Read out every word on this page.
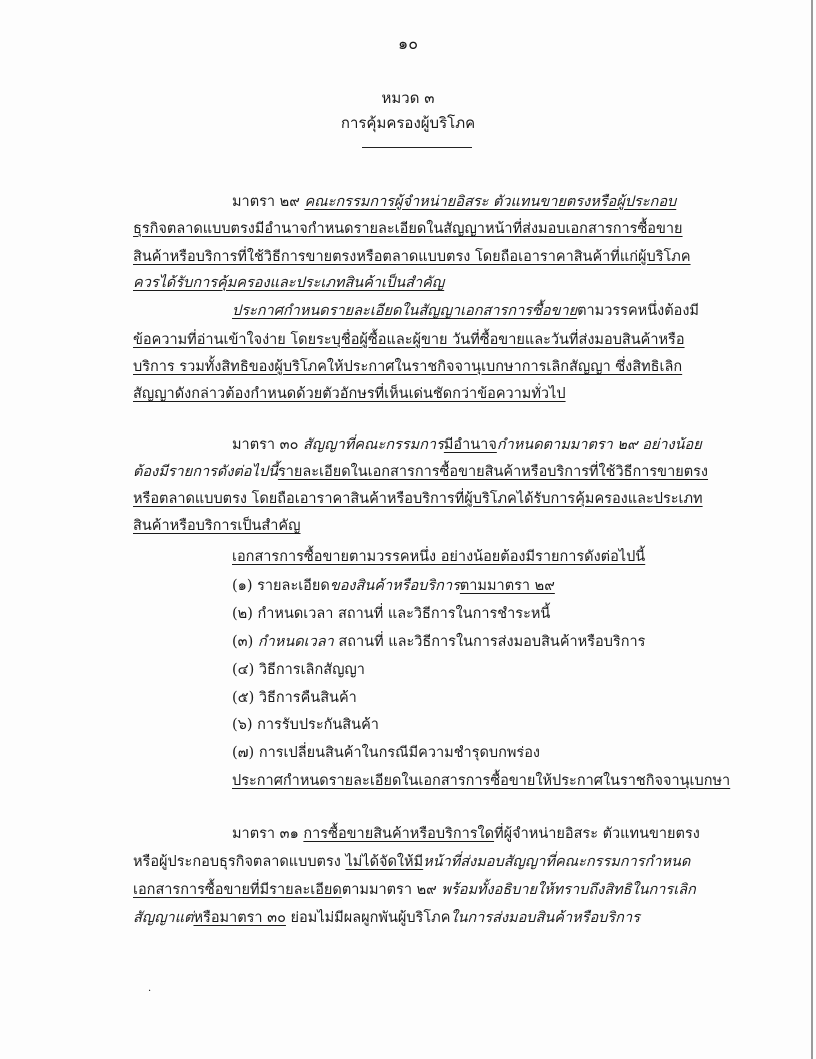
๑๐
หมวด ๓
การคุ้มครองผู้บริโภค
มาตรา ๒๙ คณะกรรมการผู้จำหน่ายอิสระ ตัวแทนขายตรงหรือผู้ประกอบ
ธุรกิจตลาดแบบตรงมีอำนาจกำหนดรายละเอียดในสัญญาหน้าที่ส่งมอบเอกสารการซื้อขาย
สินค้าหรือบริการที่ใช้วิธีการขายตรงหรือตลาดแบบตรง โดยถือเอาราคาสินค้าที่แก่ผู้บริโภค
ควรได้รับการคุ้มครองและประเภทสินค้าเป็นสำคัญ
ประกาศกำหนดรายละเอียดในสัญญาเอกสารการซื้อขายตามวรรคหนึ่งต้องมี
ข้อความที่อ่านเข้าใจง่าย โดยระบุชื่อผู้ซื้อและผู้ขาย วันที่ซื้อขายและวันที่ส่งมอบสินค้าหรือ
บริการ รวมทั้งสิทธิของผู้บริโภคให้ประกาศในราชกิจจานุเบกษาการเลิกสัญญา ซึ่งสิทธิเลิก
สัญญาดังกล่าวต้องกำหนดด้วยตัวอักษรที่เห็นเด่นชัดกว่าข้อความทั่วไป
มาตรา ๓๐ สัญญาที่คณะกรรมการมีอำนาจกำหนดตามมาตรา ๒๙ อย่างน้อย
ต้องมีรายการดังต่อไปนี้รายละเอียดในเอกสารการซื้อขายสินค้าหรือบริการที่ใช้วิธีการขายตรง
หรือตลาดแบบตรง โดยถือเอาราคาสินค้าหรือบริการที่ผู้บริโภคได้รับการคุ้มครองและประเภท
สินค้าหรือบริการเป็นสำคัญ
เอกสารการซื้อขายตามวรรคหนึ่ง อย่างน้อยต้องมีรายการดังต่อไปนี้
(๑) รายละเอียดของสินค้าหรือบริการตามมาตรา ๒๙
(๒) กำหนดเวลา สถานที่ และวิธีการในการชำระหนี้
(๓) กำหนดเวลา สถานที่ และวิธีการในการส่งมอบสินค้าหรือบริการ
(๔) วิธีการเลิกสัญญา
(๕) วิธีการคืนสินค้า
(๖) การรับประกันสินค้า
(๗) การเปลี่ยนสินค้าในกรณีมีความชำรุดบกพร่อง
ประกาศกำหนดรายละเอียดในเอกสารการซื้อขายให้ประกาศในราชกิจจานุเบกษา
มาตรา ๓๑ การซื้อขายสินค้าหรือบริการใดที่ผู้จำหน่ายอิสระ ตัวแทนขายตรง
หรือผู้ประกอบธุรกิจตลาดแบบตรง ไม่ได้จัดให้มีหน้าที่ส่งมอบสัญญาที่คณะกรรมการกำหนด
เอกสารการซื้อขายที่มีรายละเอียดตามมาตรา ๒๙ พร้อมทั้งอธิบายให้ทราบถึงสิทธิในการเลิก
สัญญาแต่หรือมาตรา ๓๐ ย่อมไม่มีผลผูกพันผู้บริโภคในการส่งมอบสินค้าหรือบริการ
·
